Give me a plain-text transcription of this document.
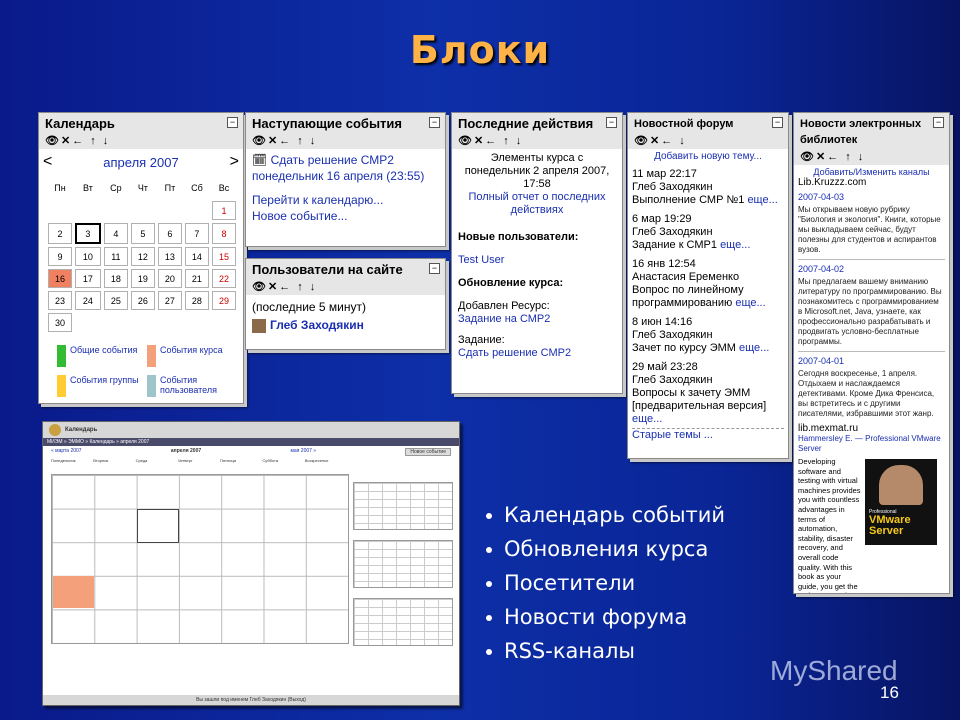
Блоки
Календарь	−
👁✕← ↑ ↓
<	апреля 2007	>
Пн	Вт	Ср	Чт	Пт	Сб	Вс
						1
2	3	4	5	6	7	8
9	10	11	12	13	14	15
16	17	18	19	20	21	22
23	24	25	26	27	28	29
30						
Общие события	События курса
События группы События пользователя
Наступающие события	−
👁✕← ↑ ↓
🗓 Сдать решение СМР2
понедельник 16 апреля (23:55)
Перейти к календарю...
Новое событие...
Пользователи на сайте	−
👁✕← ↑ ↓
(последние 5 минут)
Глеб Заходякин
Последние действия	−
👁✕← ↑ ↓
Элементы курса с понедельник 2 апреля 2007, 17:58
Полный отчет о последних действиях
Новые пользователи:
Test User
Обновление курса:
Добавлен Ресурс:
Задание на СМР2
Задание:
Сдать решение СМР2
Новостной форум	−
👁✕← ↓
Добавить новую тему...
11 мар 22:17
Глеб Заходякин
Выполнение СМР №1 еще...
6 мар 19:29
Глеб Заходякин
Задание к СМР1 еще...
16 янв 12:54
Анастасия Еременко
Вопрос по линейному программированию еще...
8 июн 14:16
Глеб Заходякин
Зачет по курсу ЭММ еще...
29 май 23:28
Глеб Заходякин
Вопросы к зачету ЭММ [предварительная версия] еще...
Старые темы ...
Новости электронных библиотек
−
👁✕← ↑ ↓
Добавить/Изменить каналы
Lib.Kruzzz.com
2007-04-03
Мы открываем новую рубрику "Биология и экология". Книги, которые мы выкладываем сейчас, будут полезны для студентов и аспирантов вузов.
2007-04-02
Мы предлагаем вашему вниманию литературу по программированию. Вы познакомитесь с программированием в Microsoft.net, Java, узнаете, как профессионально разрабатывать и продвигать условно-бесплатные программы.
2007-04-01
Сегодня воскресенье, 1 апреля. Отдыхаем и наслаждаемся детективами. Кроме Дика Френсиса, вы встретитесь и с другими писателями, избравшими этот жанр.
lib.mexmat.ru
Hammersley E. — Professional VMware Server
Developing software and testing with virtual machines provides you with countless advantages in terms of automation, stability, disaster recovery, and overall code quality. With this book as your guide, you get the
Professional
VMware Server
Календарь
МИЭМ » ЭММО » Календарь » апреля 2007
« марта 2007	апреля 2007	мая 2007 »	Новое событие
Понедельник	Вторник	Среда	Четверг	Пятница	Суббота	Воскресенье
Вы зашли под именем Глеб Заходякин (Выход)
Календарь событий
Обновления курса
Посетители
Новости форума
RSS-каналы
MyShared
16
